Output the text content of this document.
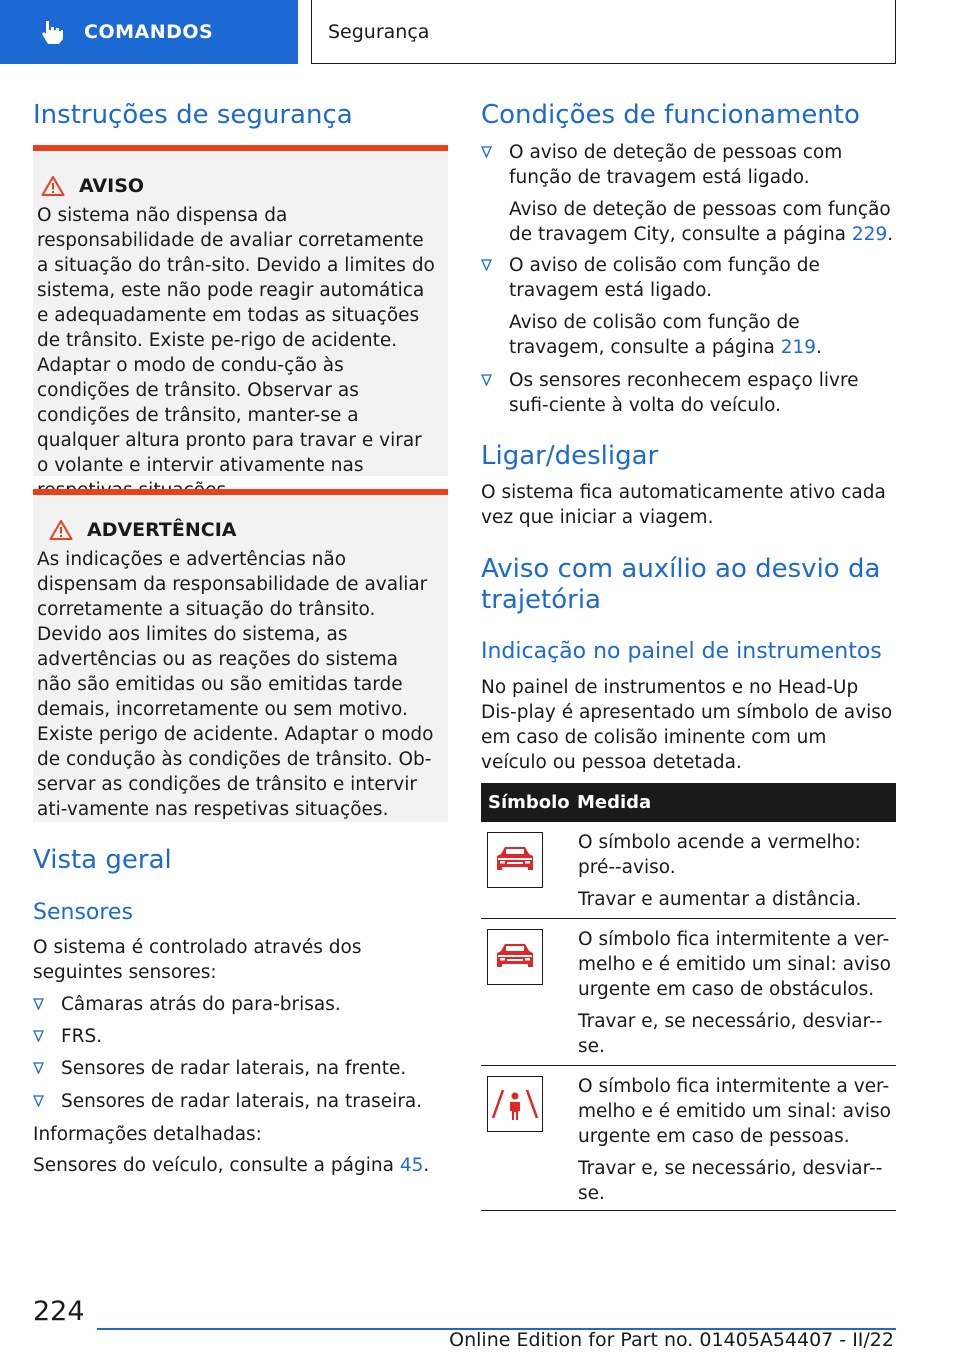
COMANDOS	Segurança
Instruções de segurança
AVISO
O sistema não dispensa da responsabilidade de avaliar corretamente a situação do trân-sito. Devido a limites do sistema, este não pode reagir automática e adequadamente em todas as situações de trânsito. Existe pe-rigo de acidente. Adaptar o modo de condu-ção às condições de trânsito. Observar as condições de trânsito, manter-se a qualquer altura pronto para travar e virar o volante e intervir ativamente nas
ADVERTÊNCIA
As indicações e advertências não dispensam da responsabilidade de avaliar corretamente a situação do trânsito. Devido aos limites do sistema, as advertências ou as reações do sistema não são emitidas ou são emitidas tarde demais, incorretamente ou sem motivo. Existe perigo de acidente. Adaptar o modo de condução às condições de trânsito. Ob-servar as condições de trânsito e intervir ati-vamente nas respetivas situações.
Vista geral
Sensores
O sistema é controlado através dos seguintes sensores:
Câmaras atrás do para-brisas.
FRS.
Sensores de radar laterais, na frente.
Sensores de radar laterais, na traseira.
Informações detalhadas:
Sensores do veículo, consulte a página 45.
Condições de funcionamento
O aviso de deteção de pessoas com função de travagem está ligado.
Aviso de deteção de pessoas com função de travagem City, consulte a página 229.
O aviso de colisão com função de travagem está ligado.
Aviso de colisão com função de travagem, consulte a página 219.
Os sensores reconhecem espaço livre sufi-ciente à volta do veículo.
Ligar/desligar
O sistema fica automaticamente ativo cada vez que iniciar a viagem.
Aviso com auxílio ao desvio da trajetória
Indicação no painel de instrumentos
No painel de instrumentos e no Head-Up Dis-play é apresentado um símbolo de aviso em caso de colisão iminente com um veículo ou pessoa detetada.
Símbolo Medida
O símbolo acende a vermelho: pré--aviso.
Travar e aumentar a distância.
O símbolo fica intermitente a ver-melho e é emitido um sinal: aviso urgente em caso de obstáculos.
Travar e, se necessário, desviar--se.
O símbolo fica intermitente a ver-melho e é emitido um sinal: aviso urgente em caso de pessoas.
Travar e, se necessário, desviar--se.
224
Online Edition for Part no. 01405A54407 - II/22
